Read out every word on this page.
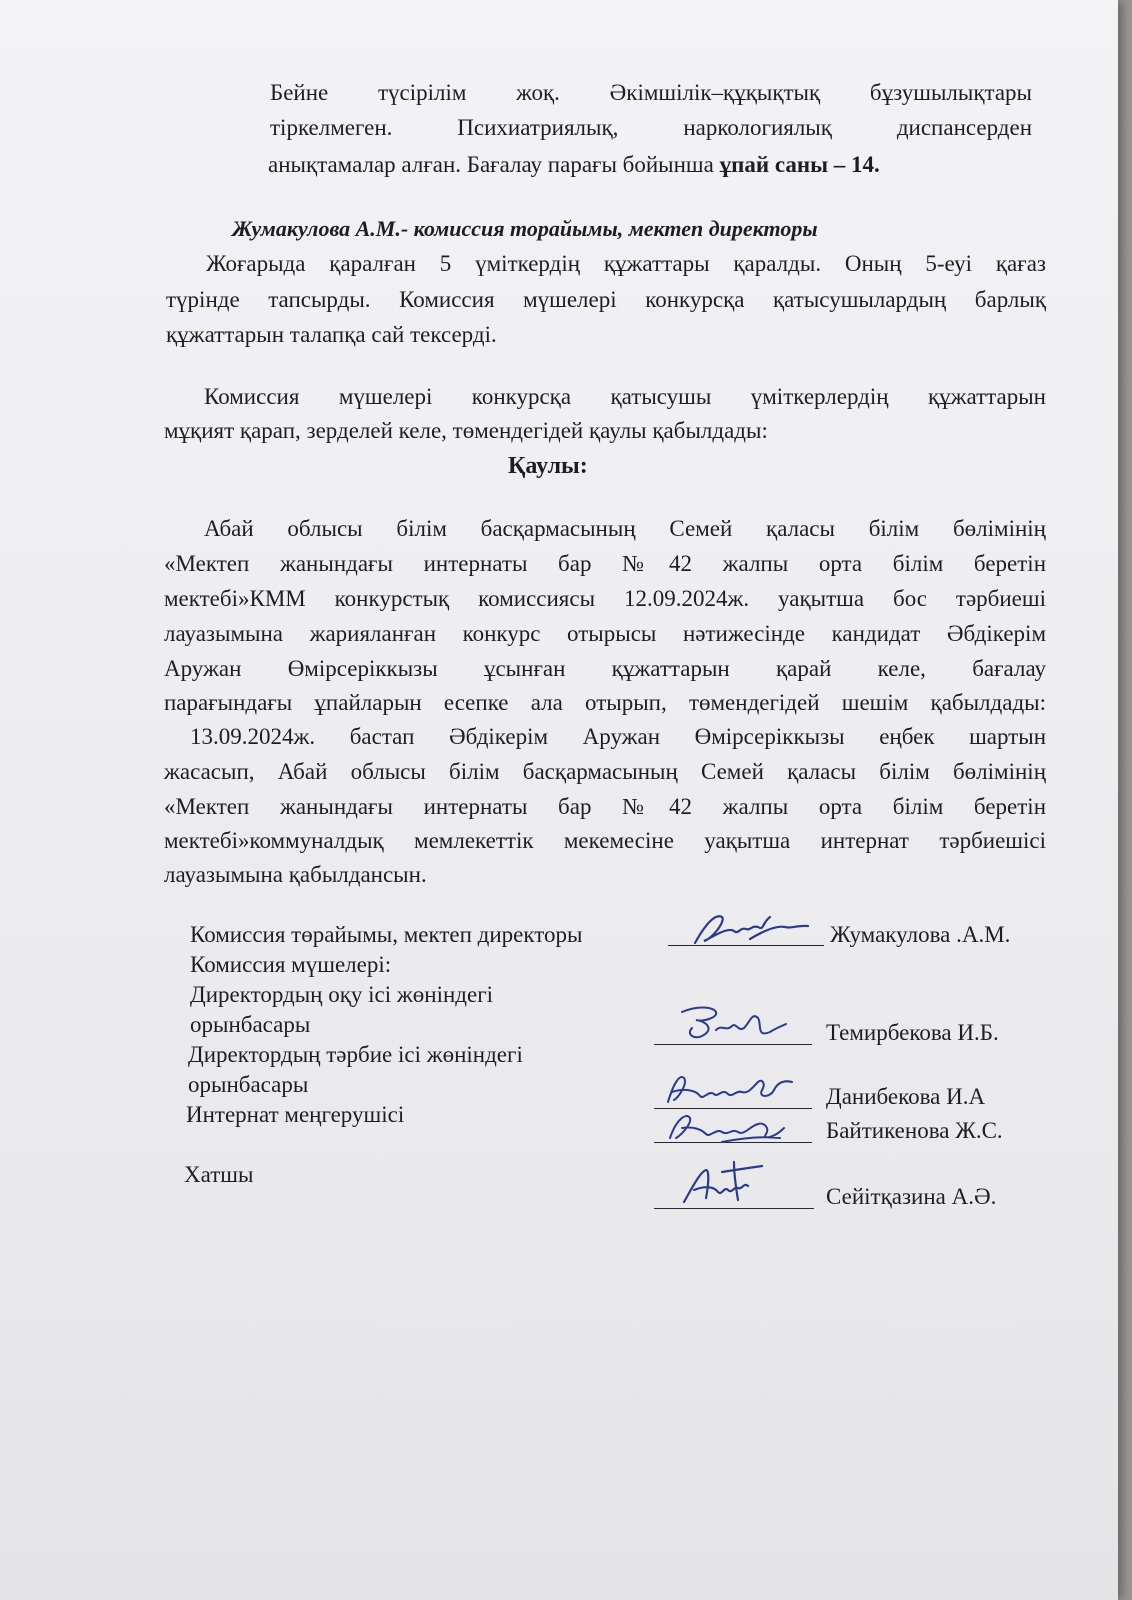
Бейне түсірілім жоқ. Әкімшілік–құқықтық бұзушылықтары
тіркелмеген. Психиатриялық, наркологиялық диспансерден
анықтамалар алған. Бағалау парағы бойынша ұпай саны – 14.
Жумакулова А.М.- комиссия торайымы, мектеп директоры
Жоғарыда қаралған 5 үміткердің құжаттары қаралды. Оның 5-еуі қағаз
түрінде тапсырды. Комиссия мүшелері конкурсқа қатысушылардың барлық
құжаттарын талапқа сай тексерді.
Комиссия мүшелері конкурсқа қатысушы үміткерлердің құжаттарын
мұқият қарап, зерделей келе, төмендегідей қаулы қабылдады:
Қаулы:
Абай облысы білім басқармасының Семей қаласы білім бөлімінің
«Мектеп жанындағы интернаты бар №42 жалпы орта білім беретін
мектебі»КММ конкурстық комиссиясы 12.09.2024ж. уақытша бос тәрбиеші
лауазымына жарияланған конкурс отырысы нәтижесінде кандидат Әбдікерім
Аружан Өмірсеріккызы ұсынған құжаттарын қарай келе, бағалау
парағындағы ұпайларын есепке ала отырып, төмендегідей шешім қабылдады:
13.09.2024ж. бастап Әбдікерім Аружан Өмірсеріккызы еңбек шартын
жасасып, Абай облысы білім басқармасының Семей қаласы білім бөлімінің
«Мектеп жанындағы интернаты бар №42 жалпы орта білім беретін
мектебі»коммуналдық мемлекеттік мекемесіне уақытша интернат тәрбиешісі
лауазымына қабылдансын.
Комиссия төрайымы, мектеп директоры
Комиссия мүшелері:
Директордың оқу ісі жөніндегі
орынбасары
Директордың тәрбие ісі жөніндегі
орынбасары
Интернат меңгерушісі
Хатшы
Жумакулова .А.М.
Темирбекова И.Б.
Данибекова И.А
Байтикенова Ж.С.
Сейітқазина А.Ә.
